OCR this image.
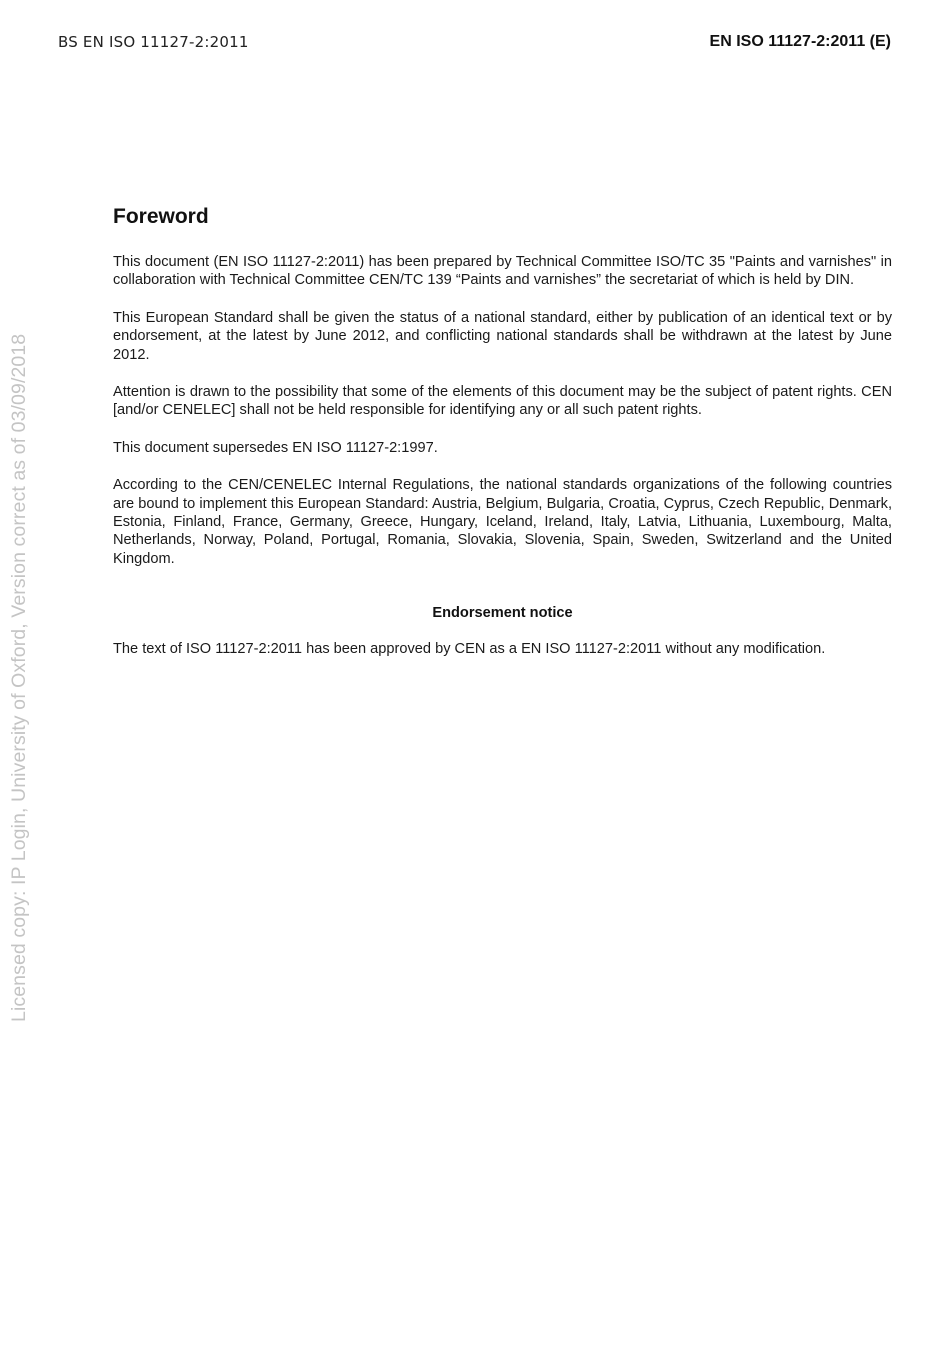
BS EN ISO 11127-2:2011	EN ISO 11127-2:2011 (E)
Licensed copy: IP Login, University of Oxford, Version correct as of 03/09/2018
Foreword

This document (EN ISO 11127-2:2011) has been prepared by Technical Committee ISO/TC 35 "Paints and varnishes" in collaboration with Technical Committee CEN/TC 139 “Paints and varnishes” the secretariat of which is held by DIN.

This European Standard shall be given the status of a national standard, either by publication of an identical text or by endorsement, at the latest by June 2012, and conflicting national standards shall be withdrawn at the latest by June 2012.

Attention is drawn to the possibility that some of the elements of this document may be the subject of patent rights. CEN [and/or CENELEC] shall not be held responsible for identifying any or all such patent rights.

This document supersedes EN ISO 11127-2:1997.

According to the CEN/CENELEC Internal Regulations, the national standards organizations of the following countries are bound to implement this European Standard: Austria, Belgium, Bulgaria, Croatia, Cyprus, Czech Republic, Denmark, Estonia, Finland, France, Germany, Greece, Hungary, Iceland, Ireland, Italy, Latvia, Lithuania, Luxembourg, Malta, Netherlands, Norway, Poland, Portugal, Romania, Slovakia, Slovenia, Spain, Sweden, Switzerland and the United Kingdom.

Endorsement notice

The text of ISO 11127-2:2011 has been approved by CEN as a EN ISO 11127-2:2011 without any modification.
